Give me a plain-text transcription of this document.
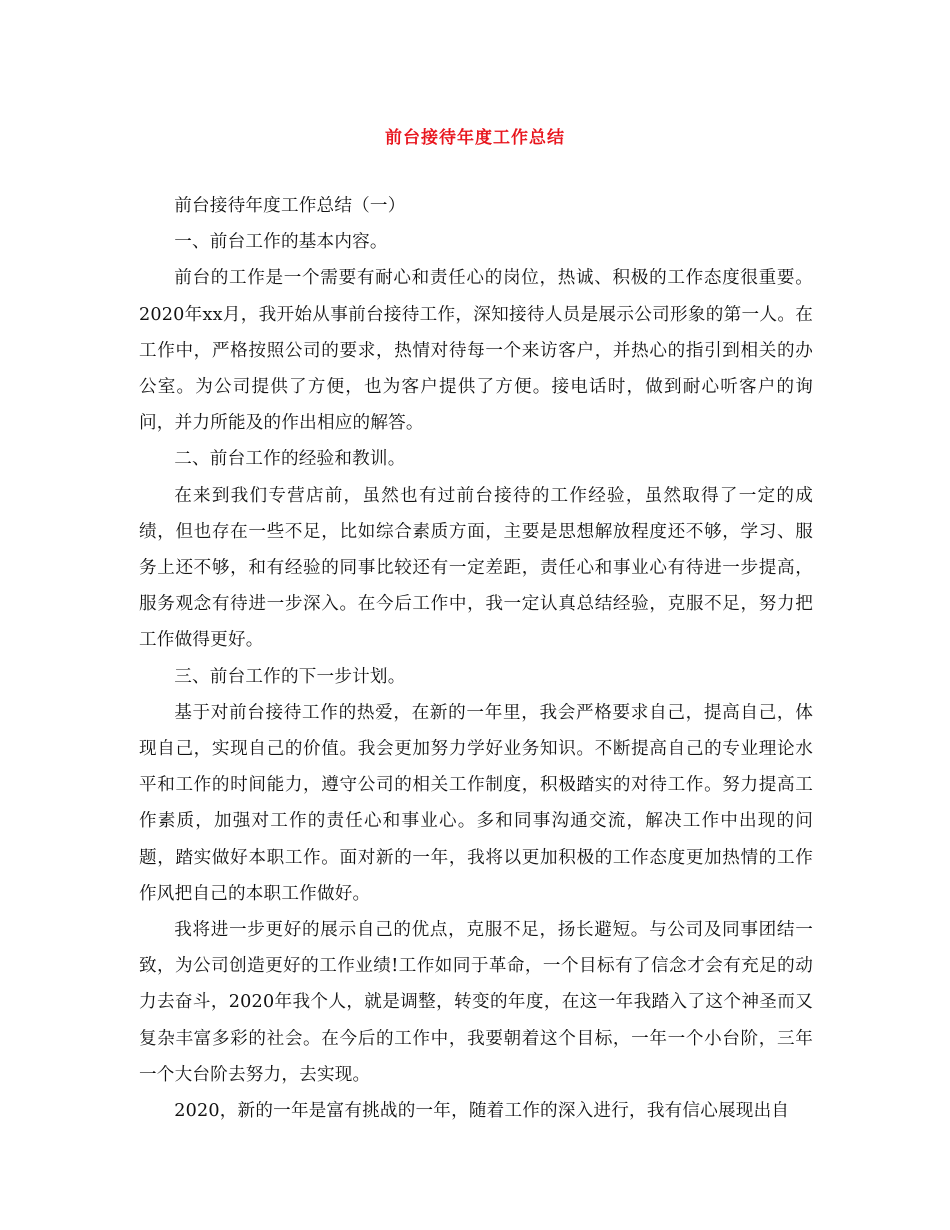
前台接待年度工作总结

前台接待年度工作总结（一）

一、前台工作的基本内容。

前台的工作是一个需要有耐心和责任心的岗位，热诚、积极的工作态度很重要。2020年xx月，我开始从事前台接待工作，深知接待人员是展示公司形象的第一人。在工作中，严格按照公司的要求，热情对待每一个来访客户，并热心的指引到相关的办公室。为公司提供了方便，也为客户提供了方便。接电话时，做到耐心听客户的询问，并力所能及的作出相应的解答。

二、前台工作的经验和教训。

在来到我们专营店前，虽然也有过前台接待的工作经验，虽然取得了一定的成绩，但也存在一些不足，比如综合素质方面，主要是思想解放程度还不够，学习、服务上还不够，和有经验的同事比较还有一定差距，责任心和事业心有待进一步提高，服务观念有待进一步深入。在今后工作中，我一定认真总结经验，克服不足，努力把工作做得更好。

三、前台工作的下一步计划。

基于对前台接待工作的热爱，在新的一年里，我会严格要求自己，提高自己，体现自己，实现自己的价值。我会更加努力学好业务知识。不断提高自己的专业理论水平和工作的时间能力，遵守公司的相关工作制度，积极踏实的对待工作。努力提高工作素质，加强对工作的责任心和事业心。多和同事沟通交流，解决工作中出现的问题，踏实做好本职工作。面对新的一年，我将以更加积极的工作态度更加热情的工作作风把自己的本职工作做好。

我将进一步更好的展示自己的优点，克服不足，扬长避短。与公司及同事团结一致，为公司创造更好的工作业绩!工作如同于革命，一个目标有了信念才会有充足的动力去奋斗，2020年我个人，就是调整，转变的年度，在这一年我踏入了这个神圣而又复杂丰富多彩的社会。在今后的工作中，我要朝着这个目标，一年一个小台阶，三年一个大台阶去努力，去实现。

2020，新的一年是富有挑战的一年，随着工作的深入进行，我有信心展现出自
